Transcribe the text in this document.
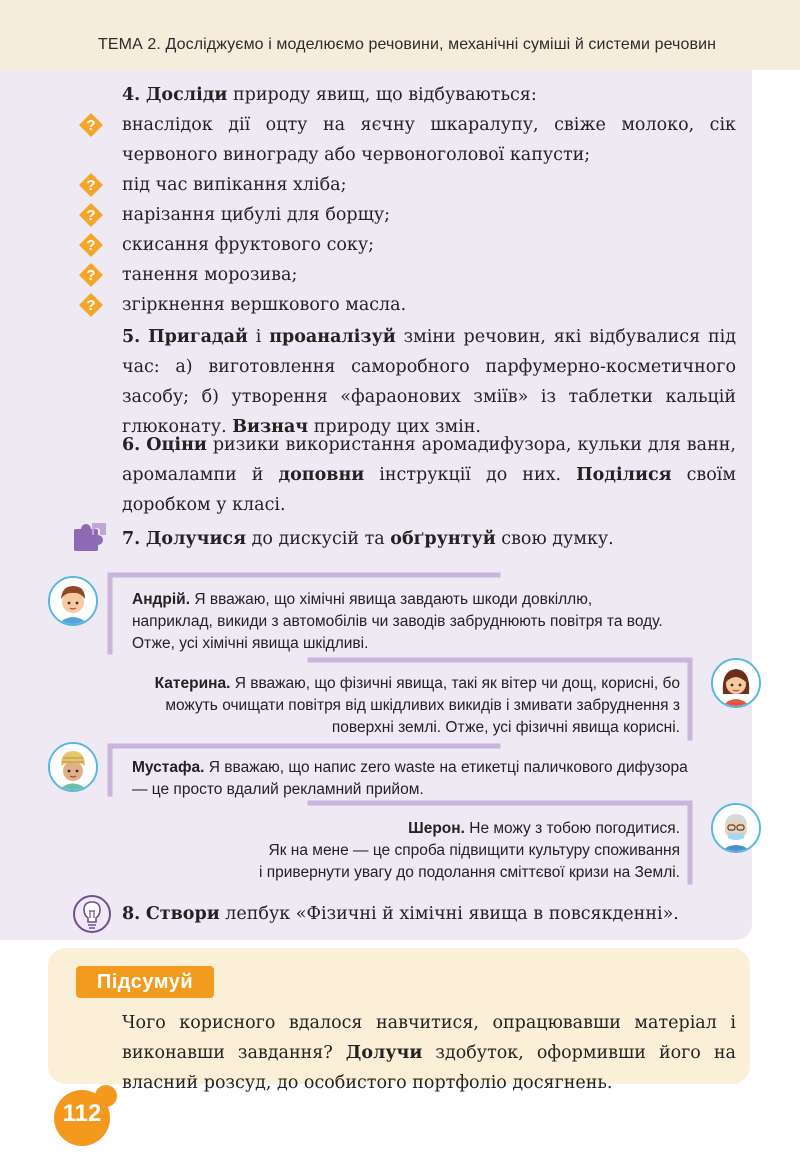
ТЕМА 2. Досліджуємо і моделюємо речовини, механічні суміші й системи речовин
4. Досліди природу явищ, що відбуваються:
? внаслідок дії оцту на яєчну шкаралупу, свіже молоко, сік червоного винограду або червоноголової капусти;
? під час випікання хліба;
? нарізання цибулі для борщу;
? скисання фруктового соку;
? танення морозива;
? згіркнення вершкового масла.
5. Пригадай і проаналізуй зміни речовин, які відбувалися під час: а) виготовлення саморобного парфумерно-косметичного засобу; б) утворення «фараонових зміїв» із таблетки кальцій глюконату. Визнач природу цих змін.
6. Оціни ризики використання аромадифузора, кульки для ванн, аромалампи й доповни інструкції до них. Поділися своїм доробком у класі.
7. Долучися до дискусій та обґрунтуй свою думку.
Андрій. Я вважаю, що хімічні явища завдають шкоди довкіллю, наприклад, викиди з автомобілів чи заводів забруднюють повітря та воду. Отже, усі хімічні явища шкідливі.
Катерина. Я вважаю, що фізичні явища, такі як вітер чи дощ, корисні, бо можуть очищати повітря від шкідливих викидів і змивати забруднення з поверхні землі. Отже, усі фізичні явища корисні.
Мустафа. Я вважаю, що напис zero waste на етикетці паличкового дифузора — це просто вдалий рекламний прийом.
Шерон. Не можу з тобою погодитися.
Як на мене — це спроба підвищити культуру споживання
і привернути увагу до подолання сміттєвої кризи на Землі.
8. Створи лепбук «Фізичні й хімічні явища в повсякденні».
Підсумуй
Чого корисного вдалося навчитися, опрацювавши матеріал і виконавши завдання? Долучи здобуток, оформивши його на власний розсуд, до особистого портфоліо досягнень.
112
